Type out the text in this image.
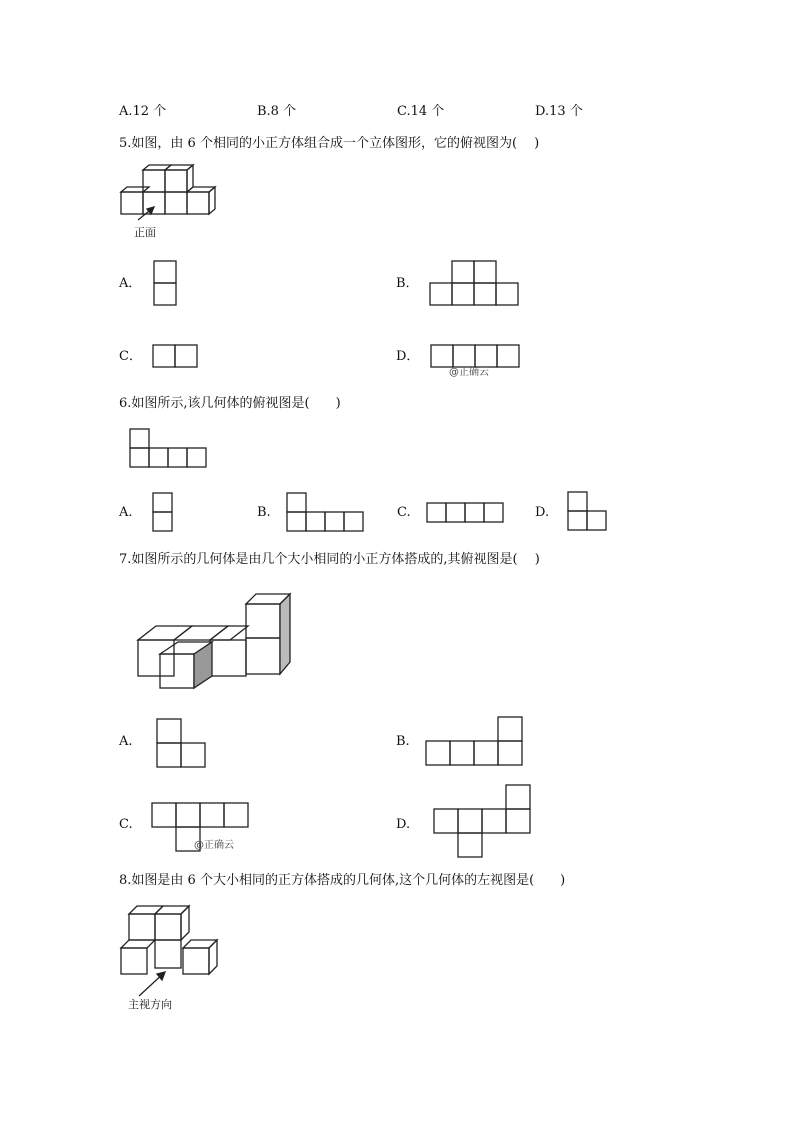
A.12 个	B.8 个	C.14 个	D.13 个
5.如图，由 6 个相同的小正方体组合成一个立体图形，它的俯视图为(　 )
正面
A．	B．
C．	D．
@正确云
6.如图所示,该几何体的俯视图是(　　)
A.	B.	C.	D.
7.如图所示的几何体是由几个大小相同的小正方体搭成的,其俯视图是(　 )
A.	B.
C.
@正确云
D.
8.如图是由 6 个大小相同的正方体搭成的几何体,这个几何体的左视图是(　　)
主视方向
